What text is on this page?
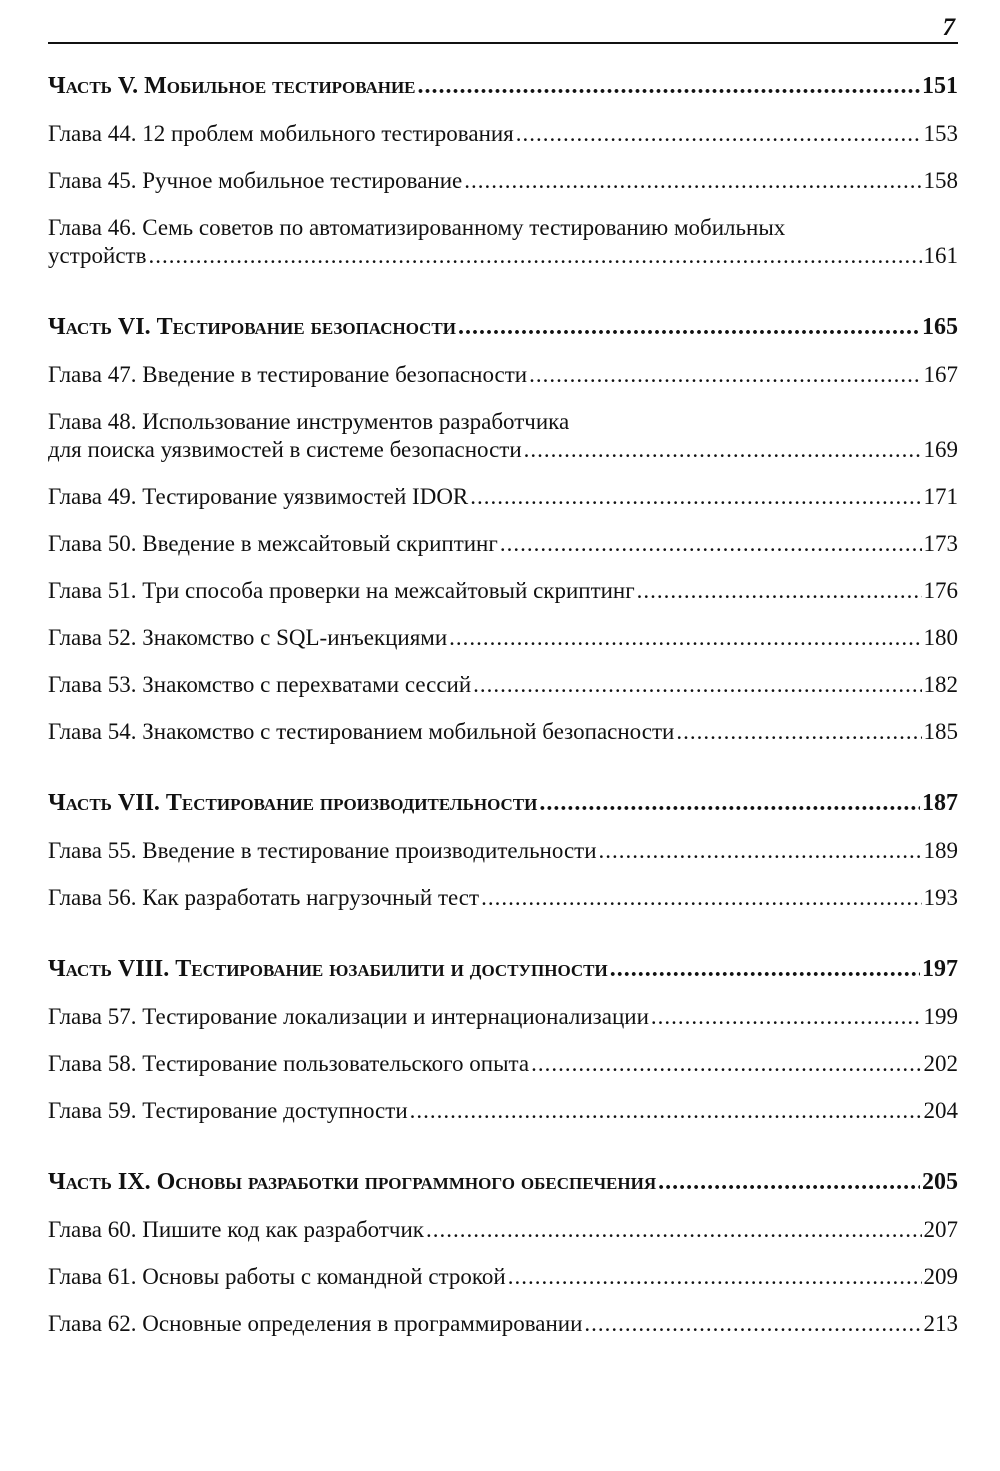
7
Часть V. Мобильное тестирование .....	151
Глава 44. 12 проблем мобильного тестирования .....	153
Глава 45. Ручное мобильное тестирование .....	158
Глава 46. Семь советов по автоматизированному тестированию мобильных
устройств .....	161
Часть VI. Тестирование безопасности .....	165
Глава 47. Введение в тестирование безопасности .....	167
Глава 48. Использование инструментов разработчика
для поиска уязвимостей в системе безопасности .....	169
Глава 49. Тестирование уязвимостей IDOR .....	171
Глава 50. Введение в межсайтовый скриптинг .....	173
Глава 51. Три способа проверки на межсайтовый скриптинг .....	176
Глава 52. Знакомство с SQL-инъекциями .....	180
Глава 53. Знакомство с перехватами сессий .....	182
Глава 54. Знакомство с тестированием мобильной безопасности .....	185
Часть VII. Тестирование производительности .....	187
Глава 55. Введение в тестирование производительности .....	189
Глава 56. Как разработать нагрузочный тест .....	193
Часть VIII. Тестирование юзабилити и доступности .....	197
Глава 57. Тестирование локализации и интернационализации .....	199
Глава 58. Тестирование пользовательского опыта .....	202
Глава 59. Тестирование доступности .....	204
Часть IX. Основы разработки программного обеспечения .....	205
Глава 60. Пишите код как разработчик .....	207
Глава 61. Основы работы с командной строкой .....	209
Глава 62. Основные определения в программировании .....	213
